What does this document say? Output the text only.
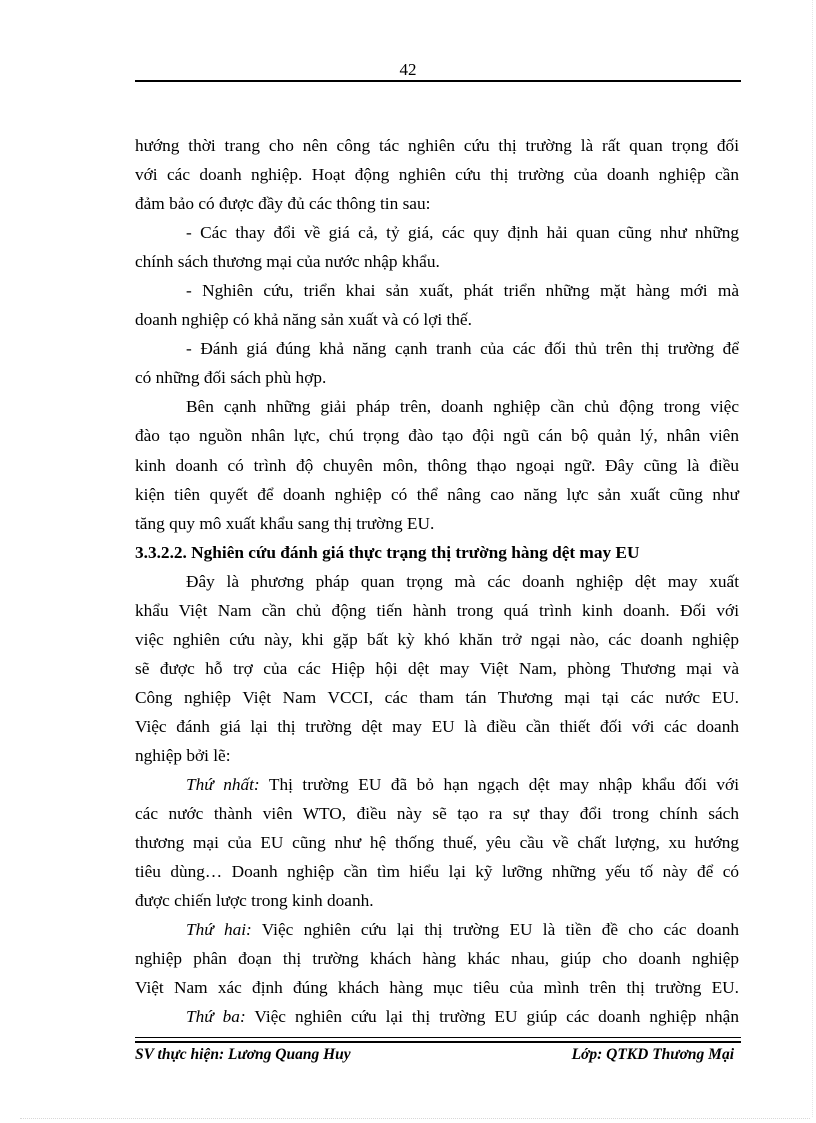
42
hướng thời trang cho nên công tác nghiên cứu thị trường là rất quan trọng đối
với các doanh nghiệp. Hoạt động nghiên cứu thị trường của doanh nghiệp cần
đảm bảo có được đầy đủ các thông tin sau:
- Các thay đổi về giá cả, tỷ giá, các quy định hải quan cũng như những
chính sách thương mại của nước nhập khẩu.
- Nghiên cứu, triển khai sản xuất, phát triển những mặt hàng mới mà
doanh nghiệp có khả năng sản xuất và có lợi thế.
- Đánh giá đúng khả năng cạnh tranh của các đối thủ trên thị trường để
có những đối sách phù hợp.
Bên cạnh những giải pháp trên, doanh nghiệp cần chủ động trong việc
đào tạo nguồn nhân lực, chú trọng đào tạo đội ngũ cán bộ quản lý, nhân viên
kinh doanh có trình độ chuyên môn, thông thạo ngoại ngữ. Đây cũng là điều
kiện tiên quyết để doanh nghiệp có thể nâng cao năng lực sản xuất cũng như
tăng quy mô xuất khẩu sang thị trường EU.
3.3.2.2. Nghiên cứu đánh giá thực trạng thị trường hàng dệt may EU
Đây là phương pháp quan trọng mà các doanh nghiệp dệt may xuất
khẩu Việt Nam cần chủ động tiến hành trong quá trình kinh doanh. Đối với
việc nghiên cứu này, khi gặp bất kỳ khó khăn trở ngại nào, các doanh nghiệp
sẽ được hỗ trợ của các Hiệp hội dệt may Việt Nam, phòng Thương mại và
Công nghiệp Việt Nam VCCI, các tham tán Thương mại tại các nước EU.
Việc đánh giá lại thị trường dệt may EU là điều cần thiết đối với các doanh
nghiệp bởi lẽ:
Thứ nhất: Thị trường EU đã bỏ hạn ngạch dệt may nhập khẩu đối với
các nước thành viên WTO, điều này sẽ tạo ra sự thay đổi trong chính sách
thương mại của EU cũng như hệ thống thuế, yêu cầu về chất lượng, xu hướng
tiêu dùng… Doanh nghiệp cần tìm hiểu lại kỹ lưỡng những yếu tố này để có
được chiến lược trong kinh doanh.
Thứ hai: Việc nghiên cứu lại thị trường EU là tiền đề cho các doanh
nghiệp phân đoạn thị trường khách hàng khác nhau, giúp cho doanh nghiệp
Việt Nam xác định đúng khách hàng mục tiêu của mình trên thị trường EU.
Thứ ba: Việc nghiên cứu lại thị trường EU giúp các doanh nghiệp nhận
SV thực hiện: Lương Quang Huy	Lớp: QTKD Thương Mại
